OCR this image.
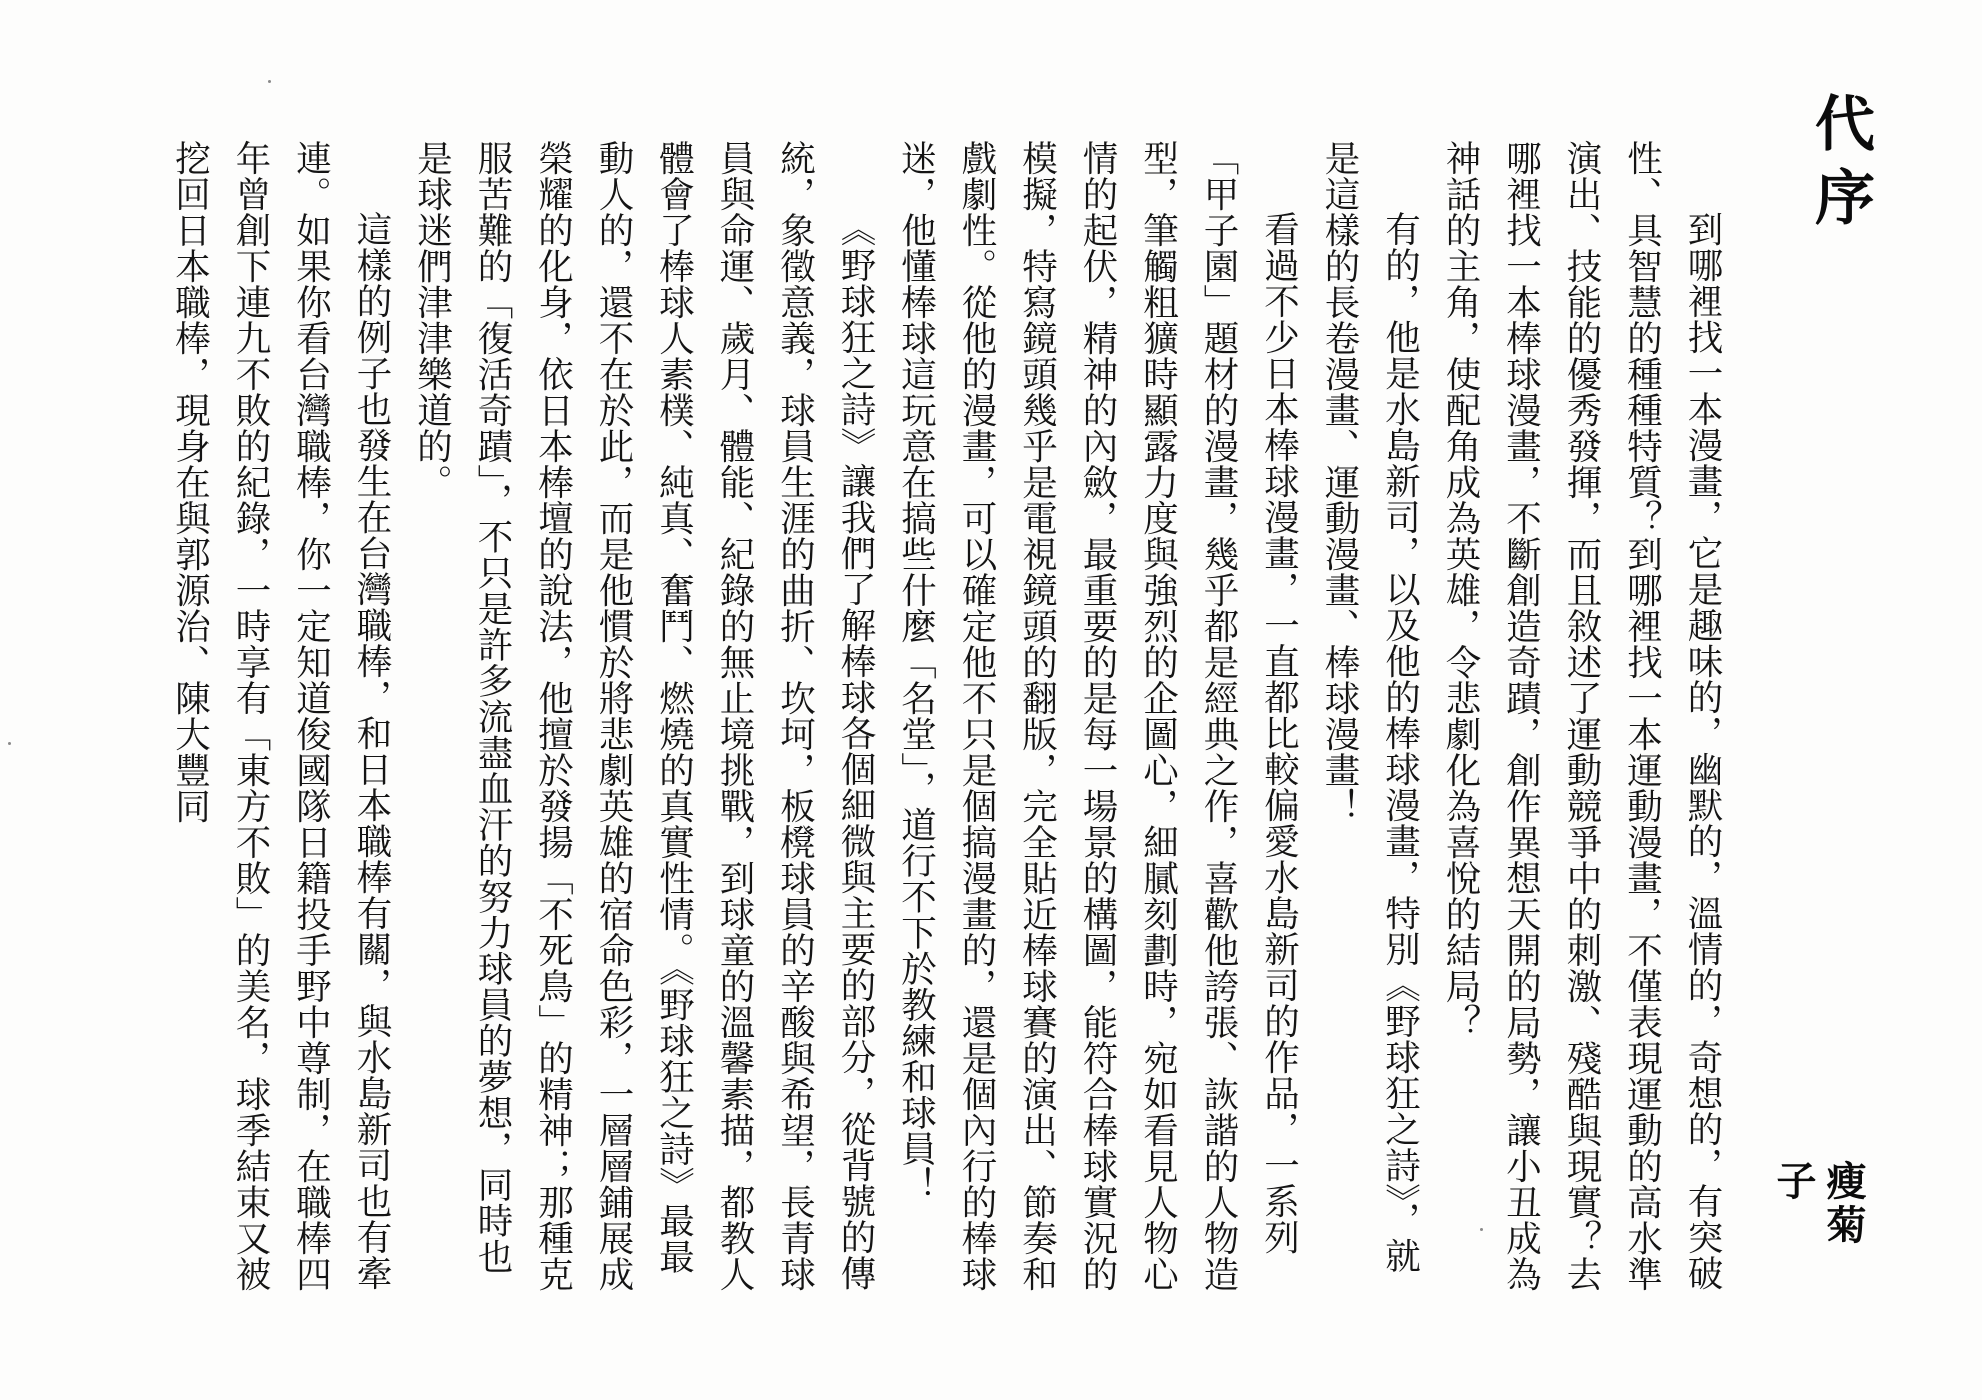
代序
瘦菊子

到哪裡找一本漫畫，它是趣味的，幽默的，溫情的，奇想的，有突破性、具智慧的種種特質？到哪裡找一本運動漫畫，不僅表現運動的高水準演出、技能的優秀發揮，而且敘述了運動競爭中的刺激、殘酷與現實？去哪裡找一本棒球漫畫，不斷創造奇蹟，創作異想天開的局勢，讓小丑成為神話的主角，使配角成為英雄，令悲劇化為喜悅的結局？

有的，他是水島新司，以及他的棒球漫畫，特別《野球狂之詩》，就是這樣的長卷漫畫、運動漫畫、棒球漫畫！

看過不少日本棒球漫畫，一直都比較偏愛水島新司的作品，一系列「甲子園」題材的漫畫，幾乎都是經典之作，喜歡他誇張、詼諧的人物造型，筆觸粗獷時顯露力度與強烈的企圖心，細膩刻劃時，宛如看見人物心情的起伏，精神的內斂，最重要的是每一場景的構圖，能符合棒球實況的模擬，特寫鏡頭幾乎是電視鏡頭的翻版，完全貼近棒球賽的演出、節奏和戲劇性。從他的漫畫，可以確定他不只是個搞漫畫的，還是個內行的棒球迷，他懂棒球這玩意在搞些什麼「名堂」，道行不下於教練和球員！

《野球狂之詩》讓我們了解棒球各個細微與主要的部分，從背號的傳統，象徵意義，球員生涯的曲折、坎坷，板櫈球員的辛酸與希望，長青球員與命運、歲月、體能、紀錄的無止境挑戰，到球童的溫馨素描，都教人體會了棒球人素樸、純真、奮鬥、燃燒的真實性情。《野球狂之詩》最最動人的，還不在於此，而是他慣於將悲劇英雄的宿命色彩，一層層鋪展成榮耀的化身，依日本棒壇的說法，他擅於發揚「不死鳥」的精神；那種克服苦難的「復活奇蹟」，不只是許多流盡血汗的努力球員的夢想，同時也是球迷們津津樂道的。

這樣的例子也發生在台灣職棒，和日本職棒有關，與水島新司也有牽連。如果你看台灣職棒，你一定知道俊國隊日籍投手野中尊制，在職棒四年曾創下連九不敗的紀錄，一時享有「東方不敗」的美名，球季結束又被挖回日本職棒，現身在與郭源治、陳大豐同
